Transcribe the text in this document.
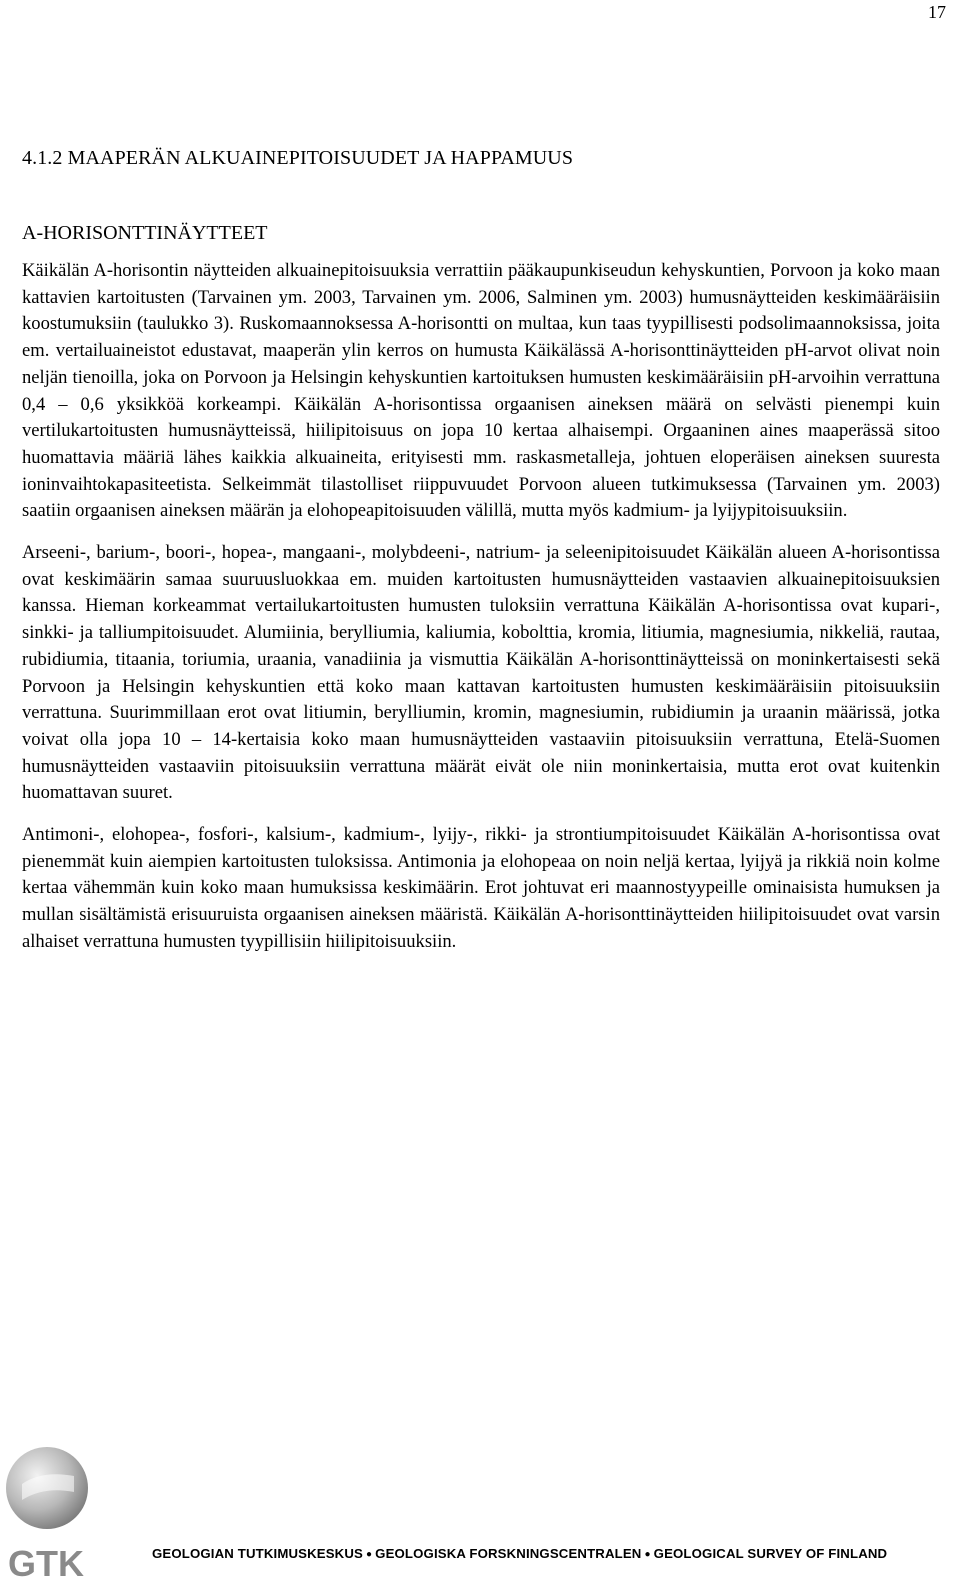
17
4.1.2 MAAPERÄN ALKUAINEPITOISUUDET JA HAPPAMUUS
A-HORISONTTINÄYTTEET

Käikälän A-horisontin näytteiden alkuainepitoisuuksia verrattiin pääkaupunkiseudun kehyskuntien, Porvoon ja koko maan kattavien kartoitusten (Tarvainen ym. 2003, Tarvainen ym. 2006, Salminen ym. 2003) humusnäytteiden keskimääräisiin koostumuksiin (taulukko 3). Ruskomaannoksessa A-horisontti on multaa, kun taas tyypillisesti podsolimaannoksissa, joita em. vertailuaineistot edustavat, maaperän ylin kerros on humusta Käikälässä A-horisonttinäytteiden pH-arvot olivat noin neljän tienoilla, joka on Porvoon ja Helsingin kehyskuntien kartoituksen humusten keskimääräisiin pH-arvoihin verrattuna 0,4 – 0,6 yksikköä korkeampi. Käikälän A-horisontissa orgaanisen aineksen määrä on selvästi pienempi kuin vertilukartoitusten humusnäytteissä, hiilipitoisuus on jopa 10 kertaa alhaisempi. Orgaaninen aines maaperässä sitoo huomattavia määriä lähes kaikkia alkuaineita, erityisesti mm. raskasmetalleja, johtuen eloperäisen aineksen suuresta ioninvaihtokapasiteetista. Selkeimmät tilastolliset riippuvuudet Porvoon alueen tutkimuksessa (Tarvainen ym. 2003) saatiin orgaanisen aineksen määrän ja elohopeapitoisuuden välillä, mutta myös kadmium- ja lyijypitoisuuksiin.

Arseeni-, barium-, boori-, hopea-, mangaani-, molybdeeni-, natrium- ja seleenipitoisuudet Käikälän alueen A-horisontissa ovat keskimäärin samaa suuruusluokkaa em. muiden kartoitusten humusnäytteiden vastaavien alkuainepitoisuuksien kanssa. Hieman korkeammat vertailukartoitusten humusten tuloksiin verrattuna Käikälän A-horisontissa ovat kupari-, sinkki- ja talliumpitoisuudet. Alumiinia, berylliumia, kaliumia, kobolttia, kromia, litiumia, magnesiumia, nikkeliä, rautaa, rubidiumia, titaania, toriumia, uraania, vanadiinia ja vismuttia Käikälän A-horisonttinäytteissä on moninkertaisesti sekä Porvoon ja Helsingin kehyskuntien että koko maan kattavan kartoitusten humusten keskimääräisiin pitoisuuksiin verrattuna. Suurimmillaan erot ovat litiumin, berylliumin, kromin, magnesiumin, rubidiumin ja uraanin määrissä, jotka voivat olla jopa 10 – 14-kertaisia koko maan humusnäytteiden vastaaviin pitoisuuksiin verrattuna, Etelä-Suomen humusnäytteiden vastaaviin pitoisuuksiin verrattuna määrät eivät ole niin moninkertaisia, mutta erot ovat kuitenkin huomattavan suuret.

Antimoni-, elohopea-, fosfori-, kalsium-, kadmium-, lyijy-, rikki- ja strontiumpitoisuudet Käikälän A-horisontissa ovat pienemmät kuin aiempien kartoitusten tuloksissa. Antimonia ja elohopeaa on noin neljä kertaa, lyijyä ja rikkiä noin kolme kertaa vähemmän kuin koko maan humuksissa keskimäärin. Erot johtuvat eri maannostyypeille ominaisista humuksen ja mullan sisältämistä erisuuruista orgaanisen aineksen määristä. Käikälän A-horisonttinäytteiden hiilipitoisuudet ovat varsin alhaiset verrattuna humusten tyypillisiin hiilipitoisuuksiin.

GTK	GEOLOGIAN TUTKIMUSKESKUS ● GEOLOGISKA FORSKNINGSCENTRALEN ● GEOLOGICAL SURVEY OF FINLAND
